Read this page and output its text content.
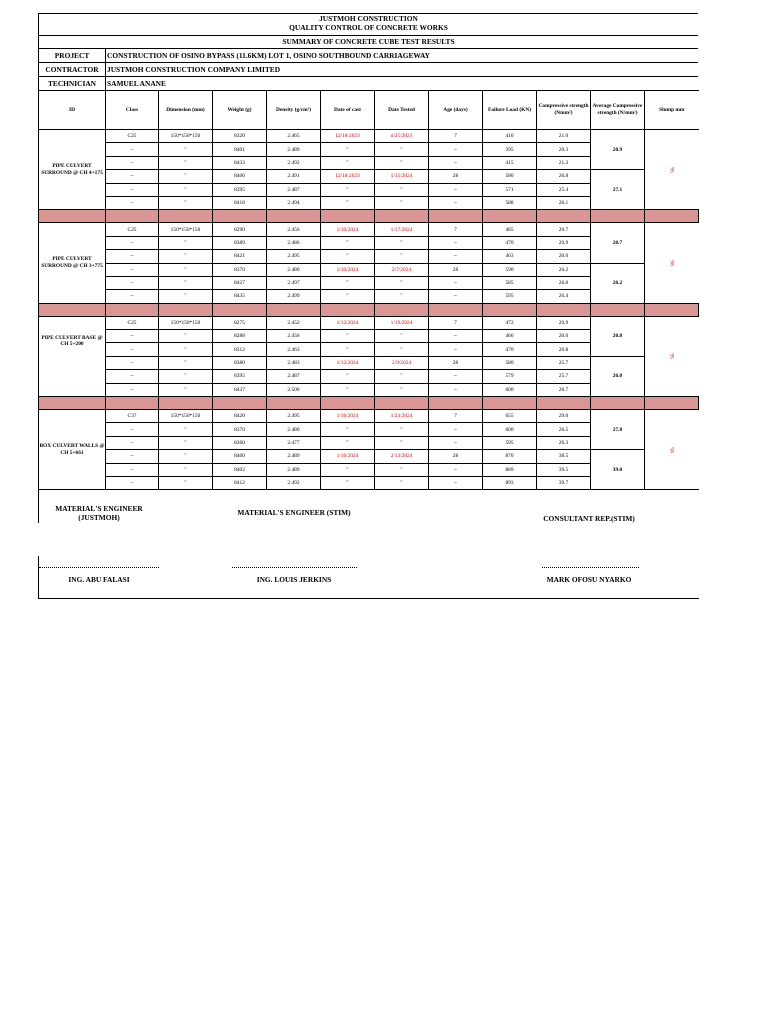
JUSTMOH CONSTRUCTION
QUALITY CONTROL OF CONCRETE WORKS
SUMMARY OF CONCRETE CUBE TEST RESULTS
PROJECT	CONSTRUCTION OF OSINO BYPASS (11.6KM) LOT 1, OSINO SOUTHBOUND CARRIAGEWAY
CONTRACTOR	JUSTMOH CONSTRUCTION COMPANY LIMITED
TECHNICIAN	SAMUEL ANANE
ID	Class	Dimension (mm)	Weight (g)	Density (g/cm³)	Date of cast	Date Tested	Age (days)	Failure Load (KN)	Compressive strength (Nmm²)	Average Compressive strength (N/mm²)	Slump mm
PIPE CULVERT SURROUND @ CH 4+175	C25	150*150*150	8320	2.465	12/18/2023	ó/25/2023	7	410	21.0	20.9	95
	~	"	8401	2.489	"	"	~	395	20.3		
	~	"	8433	2.492	"	"	~	415	21.3		
	~	"	8406	2.491	12/18/2023	1/15/2024	28	580	26.8	27.1	
	~	"	8395	2.487	"	"	~	571	25.4		
	~	"	8418	2.494	"	"	~	588	26.1		

PIPE CULVERT SURROUND @ CH 3+775	C25	150*150*150	8290	2.456	1/10/2024	1/17/2024	7	465	20.7	20.7	98
	~	"	8389	2.486	"	"	~	470	20.9		
	~	"	8421	2.495	"	"	~	463	20.6		
	~	"	8370	2.480	1/10/2024	2/7/2024	28	590	26.2	26.2	
	~	"	8427	2.497	"	"	~	585	26.0		
	~	"	8435	2.499	"	"	~	595	26.4		

PIPE CULVERT BASE @ CH 5+200	C25	150*150*150	8275	2.452	1/12/2024	1/19/2024	7	472	20.9	20.8	95
	~	"	8288	2.456	"	"	~	466	20.6		
	~	"	8312	2.463	"	"	~	470	20.8		
	~	"	8380	2.483	1/12/2024	2/9/2024	28	580	25.7	26.0	
	~	"	8395	2.487	"	"	~	579	25.7		
	~	"	8437	2.500	"	"	~	600	26.7		

BOX CULVERT WALLS @ CH 5+661	C37	150*150*150	8420	2.495	1/16/2024	1/23/2024	7	655	29.0	27.8	58
	~	"	8370	2.480	"	"	~	600	26.5		
	~	"	8360	2.477	"	"	~	595	26.3		
	~	"	8400	2.489	1/16/2024	2/13/2024	28	870	38.5	39.0	
	~	"	8402	2.489	"	"	~	889	39.5		
	~	"	8412	2.492	"	"	~	893	39.7		
MATERIAL'S ENGINEER (JUSTMOH)
MATERIAL'S ENGINEER (STIM)
CONSULTANT REP.(STIM)
ING. ABU FALASI	ING. LOUIS JERKINS	MARK OFOSU NYARKO
